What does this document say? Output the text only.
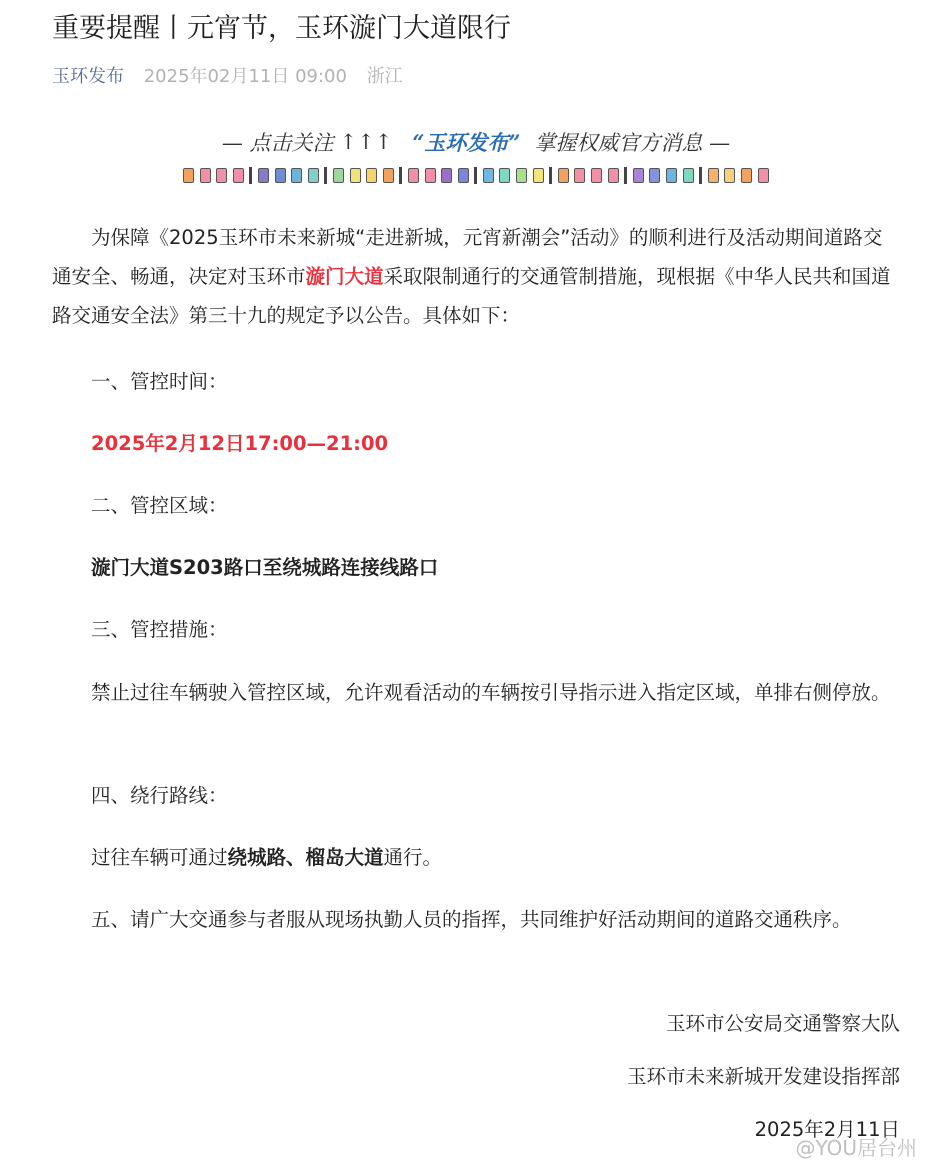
重要提醒丨元宵节，玉环漩门大道限行
玉环发布 2025年02月11日 09:00 浙江
— 点击关注 ↑↑↑ “玉环发布” 掌握权威官方消息 —
为保障《2025玉环市未来新城“走进新城，元宵新潮会”活动》的顺利进行及活动期间道路交通安全、畅通，决定对玉环市漩门大道采取限制通行的交通管制措施，现根据《中华人民共和国道路交通安全法》第三十九的规定予以公告。具体如下：
一、管控时间：
2025年2月12日17:00—21:00
二、管控区域：
漩门大道S203路口至绕城路连接线路口
三、管控措施：
禁止过往车辆驶入管控区域，允许观看活动的车辆按引导指示进入指定区域，单排右侧停放。
四、绕行路线：
过往车辆可通过绕城路、榴岛大道通行。
五、请广大交通参与者服从现场执勤人员的指挥，共同维护好活动期间的道路交通秩序。
玉环市公安局交通警察大队
玉环市未来新城开发建设指挥部
2025年2月11日
@YOU居台州
